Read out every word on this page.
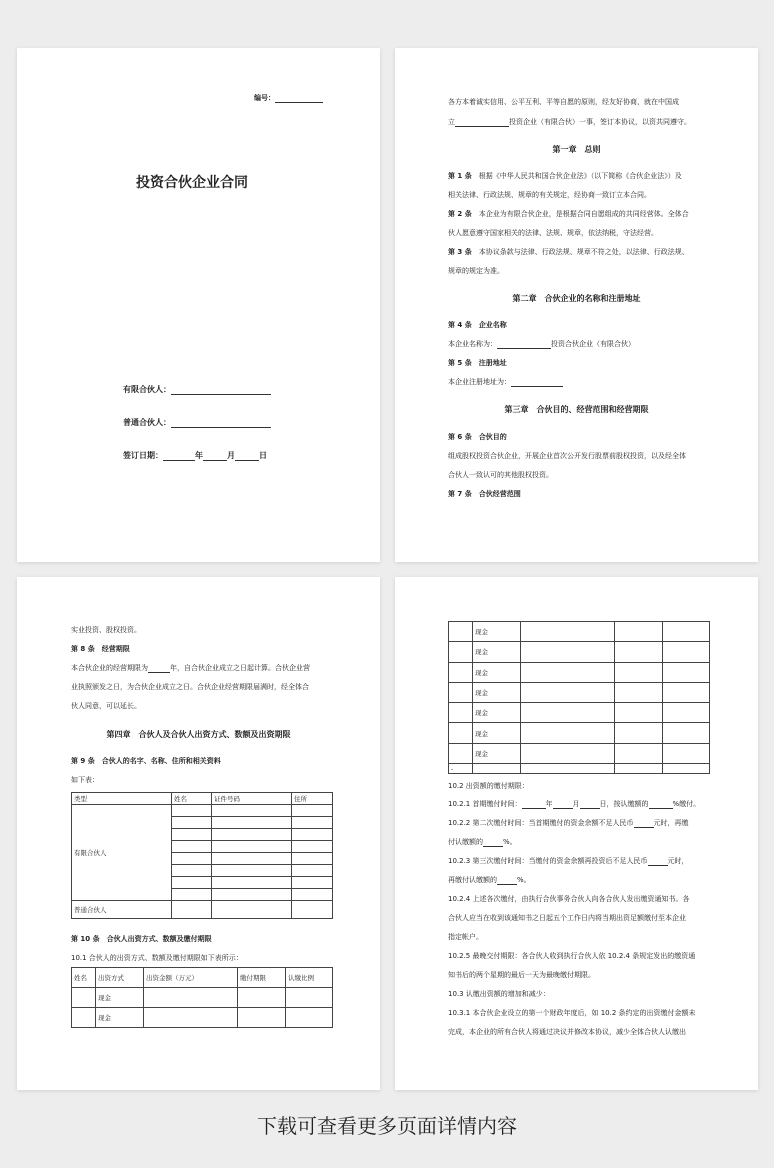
编号：
投资合伙企业合同
有限合伙人：
普通合伙人：
签订日期：	年	月	日
各方本着诚实信用、公平互利、平等自愿的原则，经友好协商，就在中国成
立	投资企业（有限合伙）一事，签订本协议，以资共同遵守。
第一章　总则
第 1 条　 根据《中华人民共和国合伙企业法》（以下简称《合伙企业法》）及
相关法律、行政法规、规章的有关规定，经协商一致订立本合同。
第 2 条　 本企业为有限合伙企业，是根据合同自愿组成的共同经营体。全体合
伙人愿意遵守国家相关的法律、法规、规章，依法纳税，守法经营。
第 3 条　 本协议条款与法律、行政法规、规章不符之处，以法律、行政法规、
规章的规定为准。
第二章　合伙企业的名称和注册地址
第 4 条　企业名称
本企业名称为：	投资合伙企业（有限合伙）
第 5 条　注册地址
本企业注册地址为：
第三章　合伙目的、经营范围和经营期限
第 6 条　合伙目的
组成股权投资合伙企业，开展企业首次公开发行股票前股权投资，以及经全体
合伙人一致认可的其他股权投资。
第 7 条　合伙经营范围
实业投资、股权投资。
第 8 条　经营期限
本合伙企业的经营期限为	年，自合伙企业成立之日起计算。合伙企业营
业执照颁发之日，为合伙企业成立之日。合伙企业经营期限届满时，经全体合
伙人同意，可以延长。
第四章　合伙人及合伙人出资方式、数额及出资期限
第 9 条　合伙人的名字、名称、住所和相关资料
如下表：
类型	姓名	证件号码	住所
有限合伙人			

普通合伙人			
第 10 条　合伙人出资方式、数额及缴付期限
10.1 合伙人的出资方式、数额及缴付期限如下表所示：
姓名	出资方式	出资金额（万元）	缴付期限	认缴比例
	现金			
	现金			
	现金			
	现金			
	现金			
	现金			
	现金			
	现金			
	现金			
-				
10.2 出资额的缴付期限：
10.2.1 首期缴付时间：	年	月	日，按认缴额的	%缴付。
10.2.2 第二次缴付时间：当首期缴付的资金余额不足人民币	元时，再缴
付认缴额的	%。
10.2.3 第三次缴付时间：当缴付的资金余额再投资后不足人民币	元时，
再缴付认缴额的	%。
10.2.4 上述各次缴付，由执行合伙事务合伙人向各合伙人发出缴资通知书。各
合伙人应当在收到该通知书之日起五个工作日内将当期出资足额缴付至本企业
指定帐户。
10.2.5 最晚交付期限：各合伙人收到执行合伙人依 10.2.4 条规定发出的缴资通
知书后的两个星期的最后一天为最晚缴付期限。
10.3 认缴出资额的增加和减少：
10.3.1 本合伙企业设立的第一个财政年度后，如 10.2 条约定的出资缴付金额未
完成，本企业的所有合伙人将通过决议并修改本协议，减少全体合伙人认缴出
下载可查看更多页面详情内容
